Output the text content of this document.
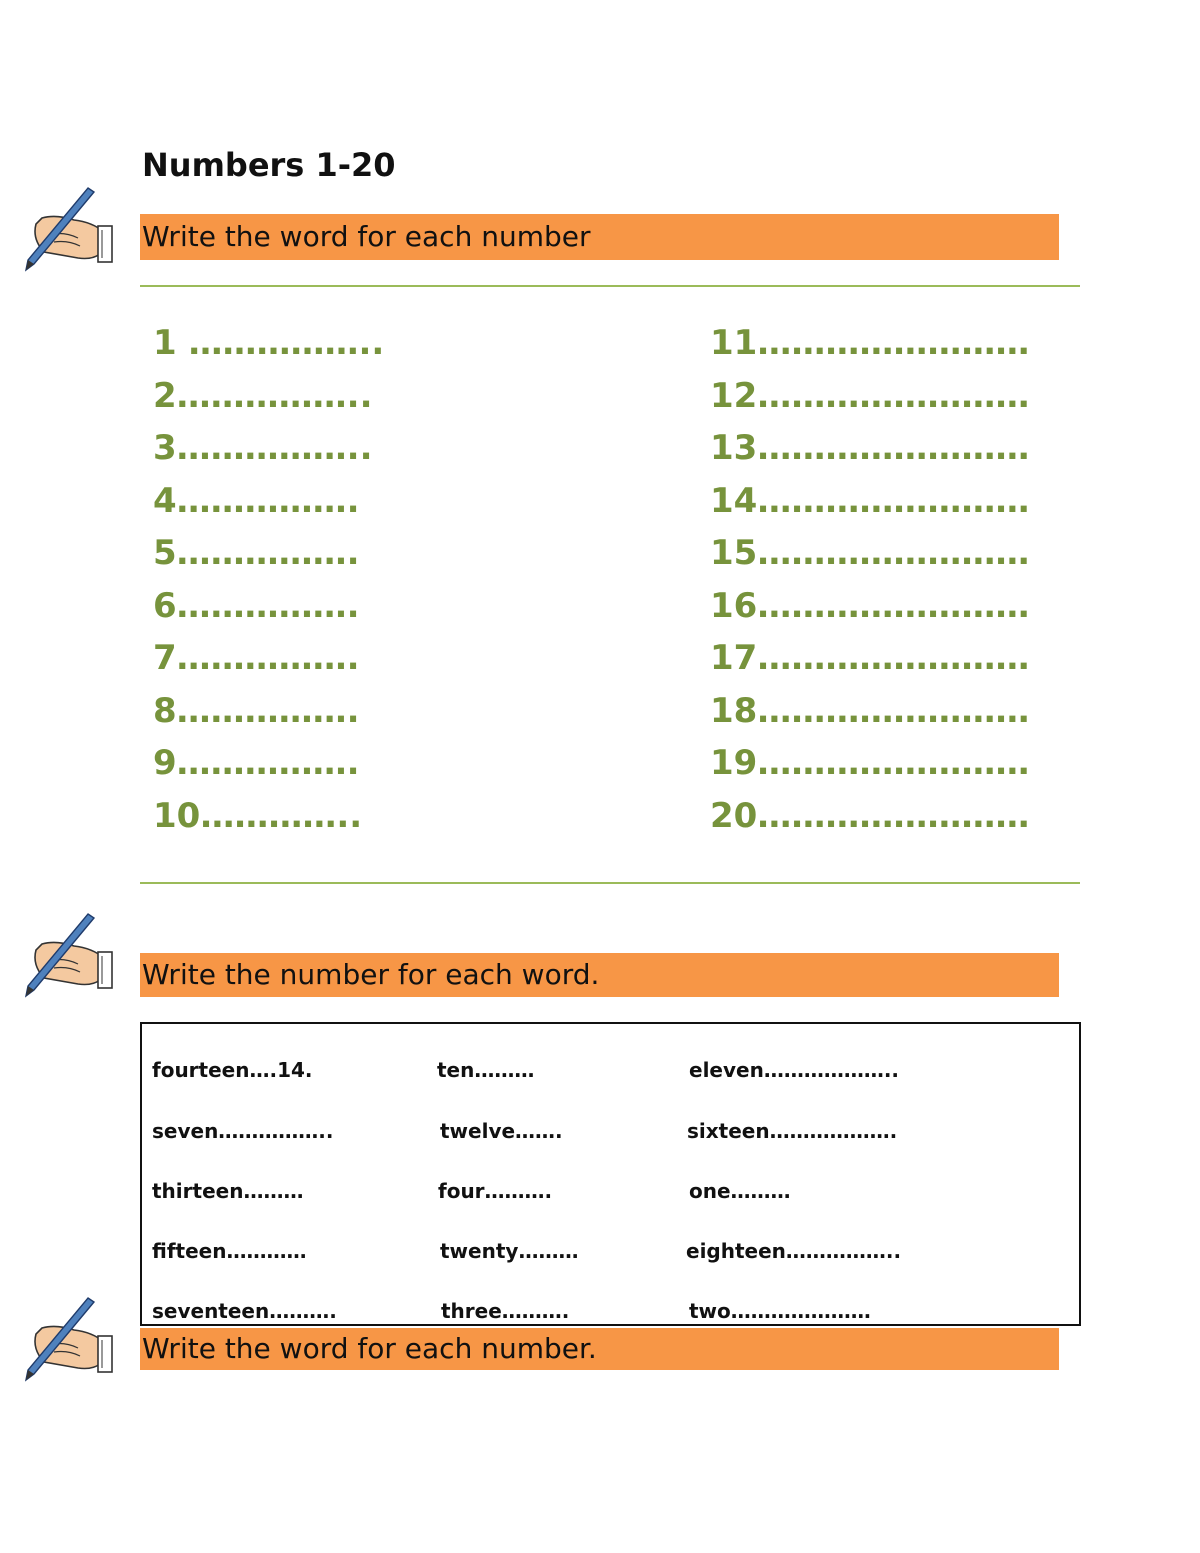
Numbers 1-20
Write the word for each number
1 ……………..
2……………..
3……………..
4…………….
5…………….
6…………….
7…………….
8…………….
9…………….
10…………..
11……………………
12……………………
13……………………
14……………………
15……………………
16……………………
17……………………
18……………………
19……………………
20……………………
Write the number for each word.
fourteen….14.	ten………	eleven………………..
seven……………..	twelve…….	sixteen……………….
thirteen………	four……….	one………
fifteen…………	twenty………	eighteen……………..
seventeen……….	three……….	two…………………
Write the word for each number.
